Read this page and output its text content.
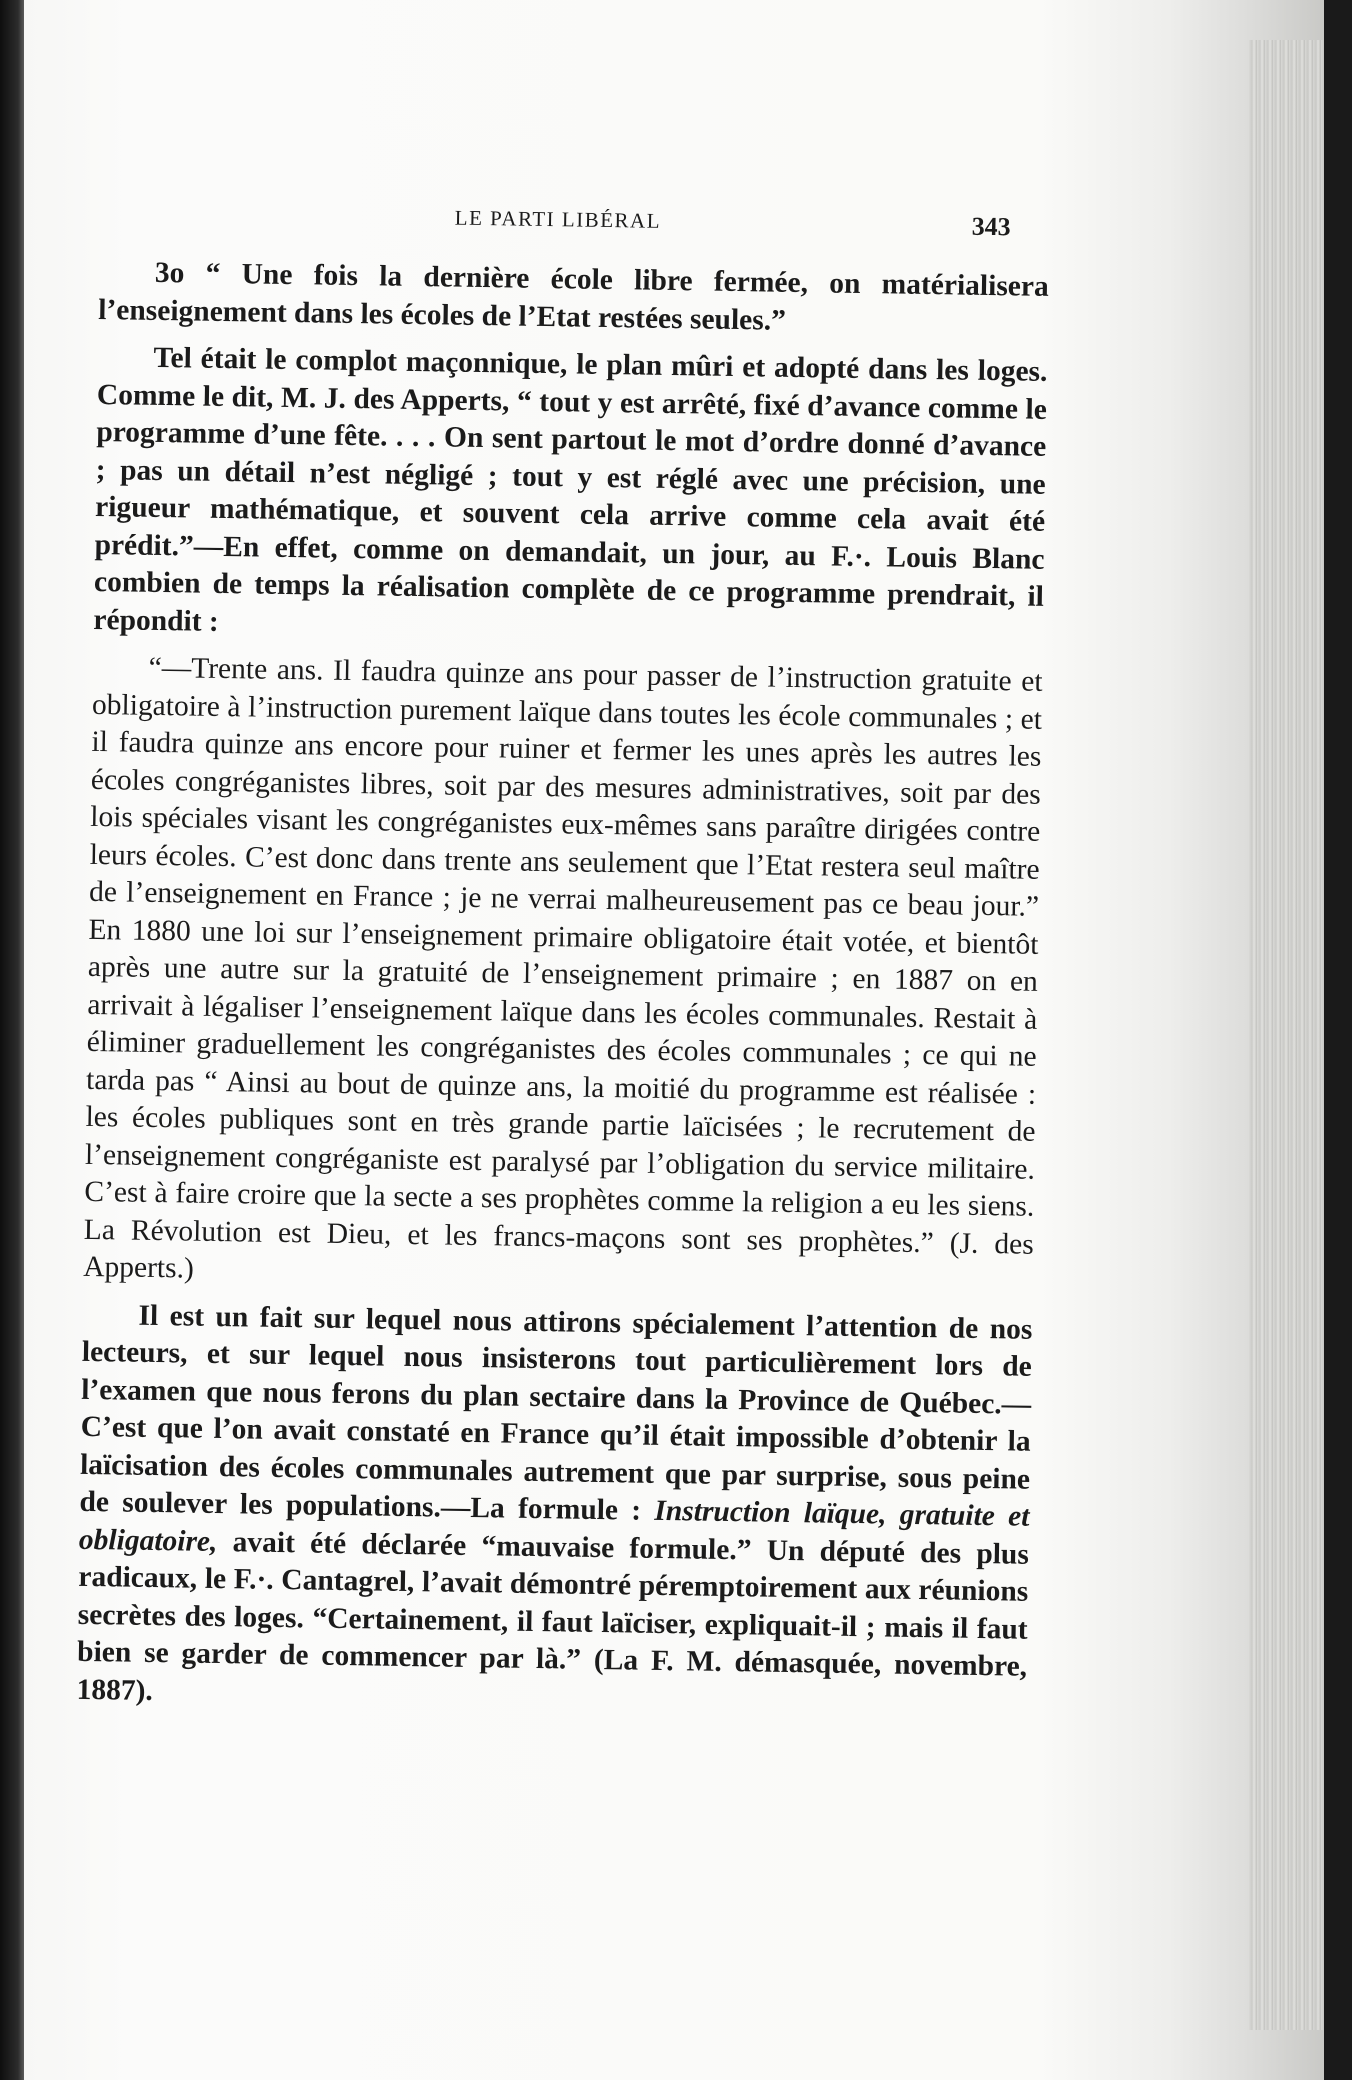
LE PARTI LIBÉRAL	343

3o “ Une fois la dernière école libre fermée, on matérialisera l’enseignement dans les écoles de l’Etat restées seules.”

Tel était le complot maçonnique, le plan mûri et adopté dans les loges. Comme le dit, M. J. des Apperts, “ tout y est arrêté, fixé d’avance comme le programme d’une fête. . . . On sent partout le mot d’ordre donné d’avance ; pas un détail n’est négligé ; tout y est réglé avec une précision, une rigueur mathématique, et souvent cela arrive comme cela avait été prédit.”—En effet, comme on demandait, un jour, au F.·. Louis Blanc combien de temps la réalisation complète de ce programme prendrait, il répondit :

“—Trente ans. Il faudra quinze ans pour passer de l’instruction gratuite et obligatoire à l’instruction purement laïque dans toutes les école communales ; et il faudra quinze ans encore pour ruiner et fermer les unes après les autres les écoles congréganistes libres, soit par des mesures administratives, soit par des lois spéciales visant les congréganistes eux-mêmes sans paraître dirigées contre leurs écoles. C’est donc dans trente ans seulement que l’Etat restera seul maître de l’enseignement en France ; je ne verrai malheureusement pas ce beau jour.” En 1880 une loi sur l’enseignement primaire obligatoire était votée, et bientôt après une autre sur la gratuité de l’enseignement primaire ; en 1887 on en arrivait à légaliser l’enseignement laïque dans les écoles communales. Restait à éliminer graduellement les congréganistes des écoles communales ; ce qui ne tarda pas “ Ainsi au bout de quinze ans, la moitié du programme est réalisée : les écoles publiques sont en très grande partie laïcisées ; le recrutement de l’enseignement congréganiste est paralysé par l’obligation du service militaire. C’est à faire croire que la secte a ses prophètes comme la religion a eu les siens. La Révolution est Dieu, et les francs-maçons sont ses prophètes.” (J. des Apperts.)

Il est un fait sur lequel nous attirons spécialement l’attention de nos lecteurs, et sur lequel nous insisterons tout particulièrement lors de l’examen que nous ferons du plan sectaire dans la Province de Québec.—C’est que l’on avait constaté en France qu’il était impossible d’obtenir la laïcisation des écoles communales autrement que par surprise, sous peine de soulever les populations.—La formule : Instruction laïque, gratuite et obligatoire, avait été déclarée “mauvaise formule.” Un député des plus radicaux, le F.·. Cantagrel, l’avait démontré péremptoirement aux réunions secrètes des loges. “Certainement, il faut laïciser, expliquait-il ; mais il faut bien se garder de commencer par là.” (La F. M. démasquée, novembre, 1887).
